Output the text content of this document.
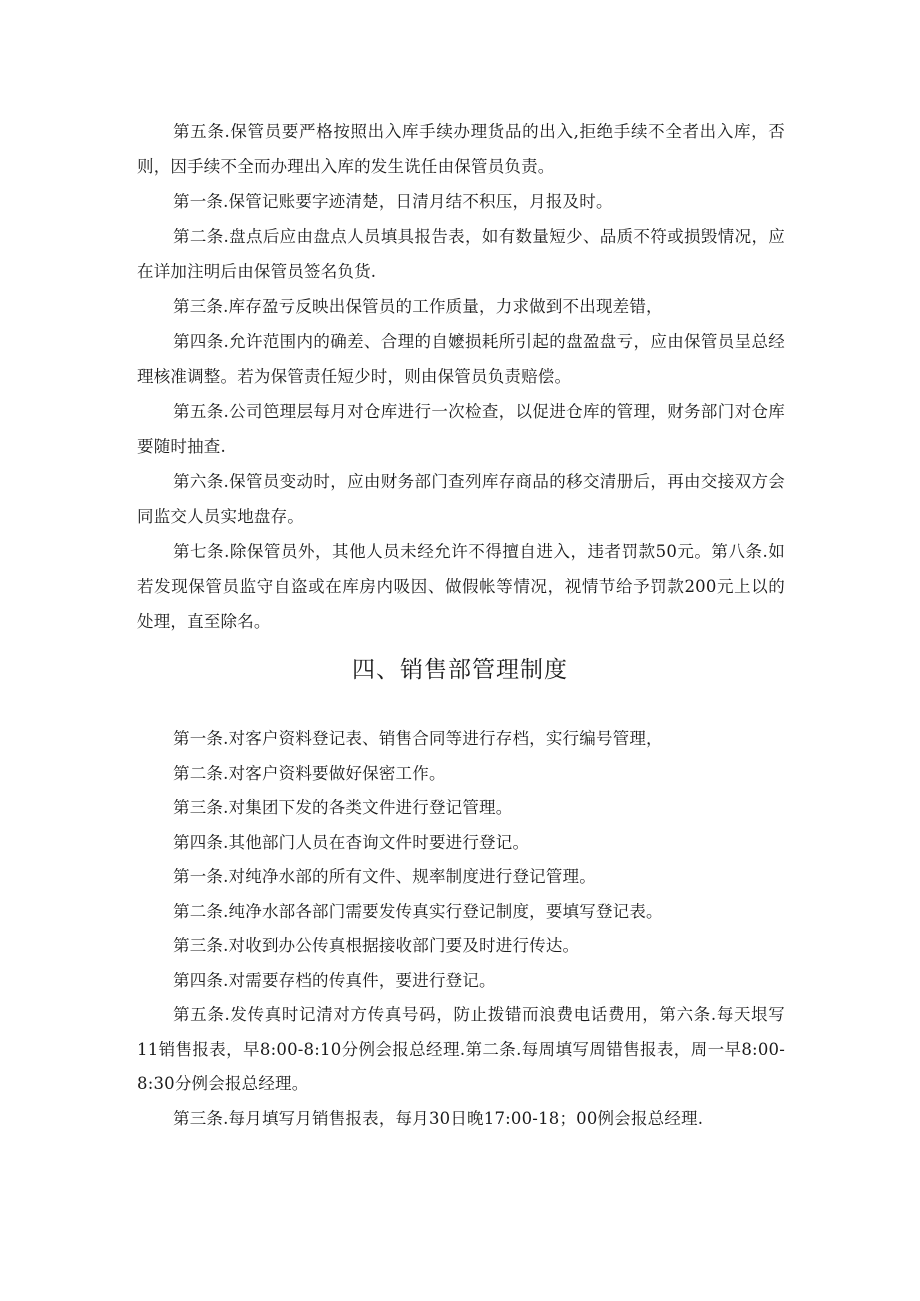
第五条.保管员要严格按照出入库手续办理货品的出入,拒绝手续不全者出入库，否则，因手续不全而办理出入库的发生诜任由保管员负责。

第一条.保管记账要字迹清楚，日清月结不积压，月报及时。

第二条.盘点后应由盘点人员填具报告表，如有数量短少、品质不符或损毁情况，应在详加注明后由保管员签名负货.

第三条.库存盈亏反映出保管员的工作质量，力求做到不出现差错，

第四条.允许范围内的确差、合理的自嬷损耗所引起的盘盈盘亏，应由保管员呈总经理核准调整。若为保管责任短少时，则由保管员负责赔偿。

第五条.公司笆理层每月对仓库进行一次检查，以促进仓库的管理，财务部门对仓库要随时抽查.

第六条.保管员变动时，应由财务部门查列库存商品的移交清册后，再由交接双方会同监交人员实地盘存。

第七条.除保管员外，其他人员未经允许不得擅自进入，违者罚款50元。第八条.如若发现保管员监守自盗或在库房内吸因、做假帐等情况，视情节给予罚款200元上以的处理，直至除名。

四、销售部管理制度

第一条.对客户资料登记表、销售合同等进行存档，实行编号管理，

第二条.对客户资料要做好保密工作。

第三条.对集团下发的各类文件进行登记管理。

第四条.其他部门人员在杳询文件时要进行登记。

第一条.对纯净水部的所有文件、规率制度进行登记管理。

第二条.纯净水部各部门需要发传真实行登记制度，要填写登记表。

第三条.对收到办公传真根据接收部门要及时进行传达。

第四条.对需要存档的传真件，要进行登记。

第五条.发传真时记清对方传真号码，防止拨错而浪费电话费用，第六条.每天垠写11销售报表，早8:00-8:10分例会报总经理.第二条.每周填写周错售报表，周一早8:00-8:30分例会报总经理。

第三条.每月填写月销售报表，每月30日晚17:00-18；00例会报总经理.
